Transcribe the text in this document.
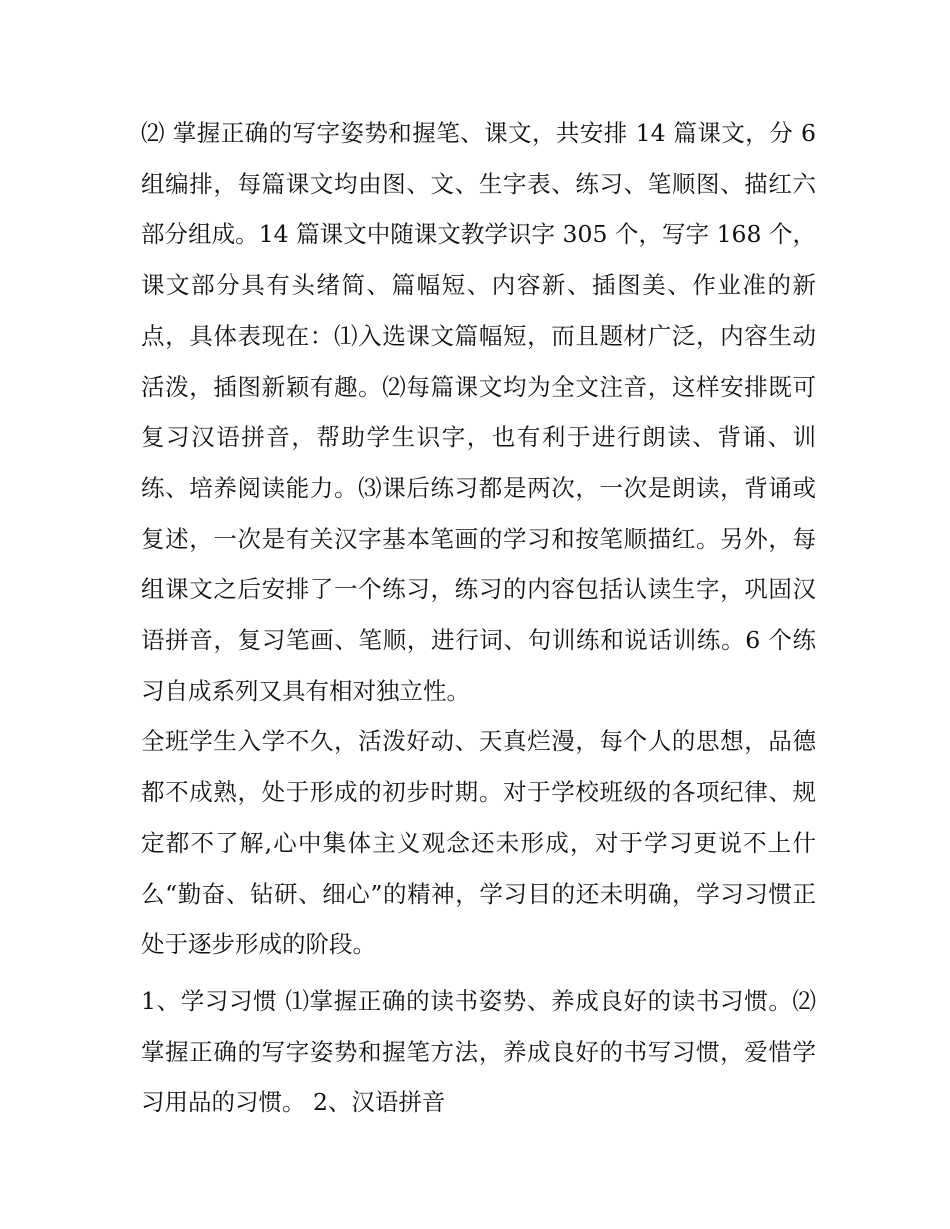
⑵ 掌握正确的写字姿势和握笔、课文，共安排 14 篇课文，分 6 组编排，每篇课文均由图、文、生字表、练习、笔顺图、描红六部分组成。14 篇课文中随课文教学识字 305 个，写字 168 个，课文部分具有头绪简、篇幅短、内容新、插图美、作业准的新点，具体表现在：⑴入选课文篇幅短，而且题材广泛，内容生动活泼，插图新颖有趣。⑵每篇课文均为全文注音，这样安排既可复习汉语拼音，帮助学生识字，也有利于进行朗读、背诵、训练、培养阅读能力。⑶课后练习都是两次，一次是朗读，背诵或复述，一次是有关汉字基本笔画的学习和按笔顺描红。另外，每组课文之后安排了一个练习，练习的内容包括认读生字，巩固汉语拼音，复习笔画、笔顺，进行词、句训练和说话训练。6 个练习自成系列又具有相对独立性。

全班学生入学不久，活泼好动、天真烂漫，每个人的思想，品德都不成熟，处于形成的初步时期。对于学校班级的各项纪律、规定都不了解,心中集体主义观念还未形成，对于学习更说不上什么“勤奋、钻研、细心”的精神，学习目的还未明确，学习习惯正处于逐步形成的阶段。

1、学习习惯 ⑴掌握正确的读书姿势、养成良好的读书习惯。⑵掌握正确的写字姿势和握笔方法，养成良好的书写习惯，爱惜学习用品的习惯。 2、汉语拼音
